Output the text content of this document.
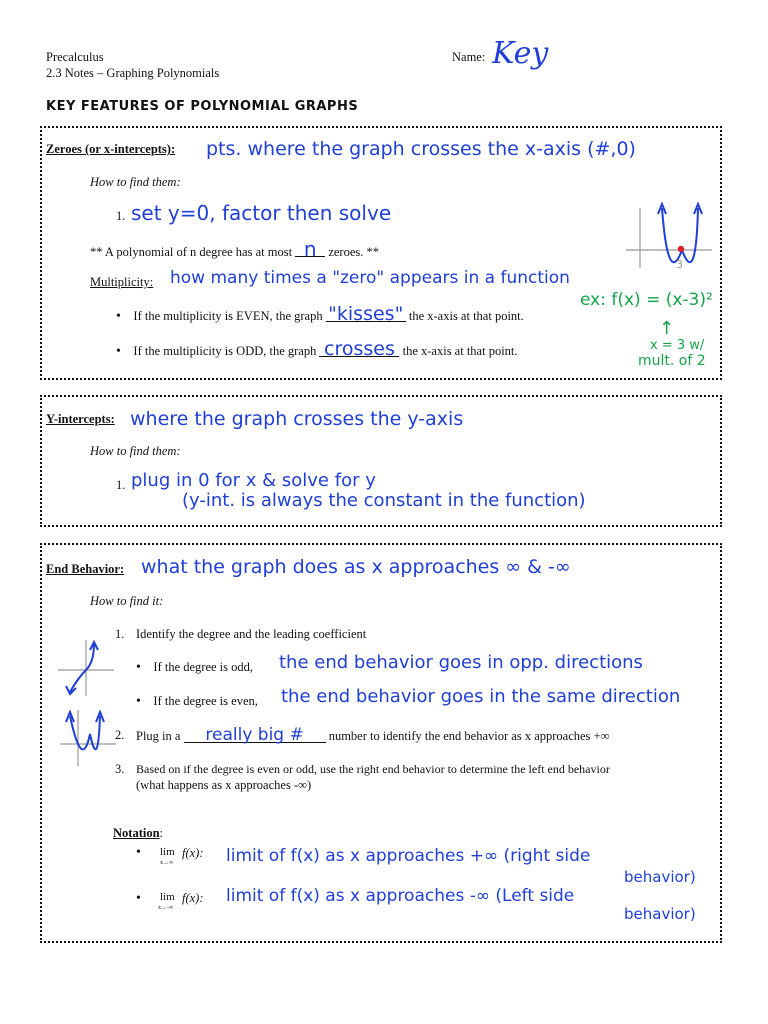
Precalculus
2.3 Notes – Graphing Polynomials
Name: Key
KEY FEATURES OF POLYNOMIAL GRAPHS
Zeroes (or x-intercepts): pts. where the graph crosses the x-axis (#,0)
How to find them:
1. set y=0, factor then solve
** A polynomial of n degree has at most n zeroes. **
Multiplicity: how many times a "zero" appears in a function
• If the multiplicity is EVEN, the graph "kisses" the x-axis at that point.
• If the multiplicity is ODD, the graph crosses the x-axis at that point.
3
ex: f(x) = (x-3)²
↑
x = 3 w/
mult. of 2
Y-intercepts: where the graph crosses the y-axis
How to find them:
1. plug in 0 for x & solve for y
(y-int. is always the constant in the function)
End Behavior: what the graph does as x approaches ∞ & -∞
How to find it:
1. Identify the degree and the leading coefficient
• If the degree is odd, the end behavior goes in opp. directions
• If the degree is even, the end behavior goes in the same direction
2. Plug in a really big # number to identify the end behavior as x approaches +∞
3. Based on if the degree is even or odd, use the right end behavior to determine the left end behavior
(what happens as x approaches -∞)
Notation:
• lim
x→∞
f(x): limit of f(x) as x approaches +∞ (right side
behavior)
• lim
x→-∞
f(x): limit of f(x) as x approaches -∞ (Left side
behavior)
